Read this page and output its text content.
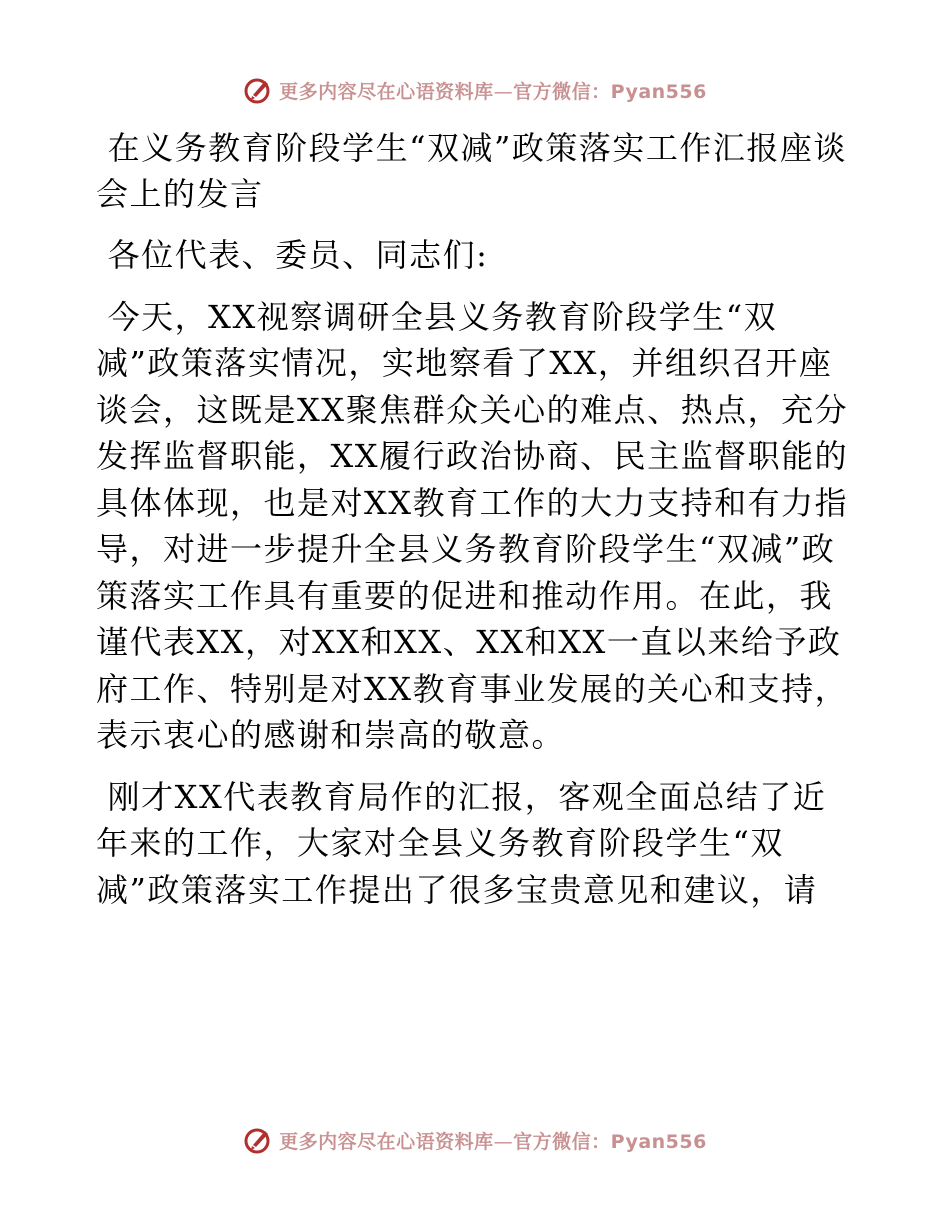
更多内容尽在心语资料库—官方微信：Pyan556

在义务教育阶段学生“双减”政策落实工作汇报座谈会上的发言

各位代表、委员、同志们:

今天，XX视察调研全县义务教育阶段学生“双减”政策落实情况，实地察看了XX，并组织召开座谈会，这既是XX聚焦群众关心的难点、热点，充分发挥监督职能，XX履行政治协商、民主监督职能的具体体现，也是对XX教育工作的大力支持和有力指导，对进一步提升全县义务教育阶段学生“双减”政策落实工作具有重要的促进和推动作用。在此，我谨代表XX，对XX和XX、XX和XX一直以来给予政府工作、特别是对XX教育事业发展的关心和支持，表示衷心的感谢和崇高的敬意。

刚才XX代表教育局作的汇报，客观全面总结了近年来的工作，大家对全县义务教育阶段学生“双减”政策落实工作提出了很多宝贵意见和建议，请

更多内容尽在心语资料库—官方微信：Pyan556
